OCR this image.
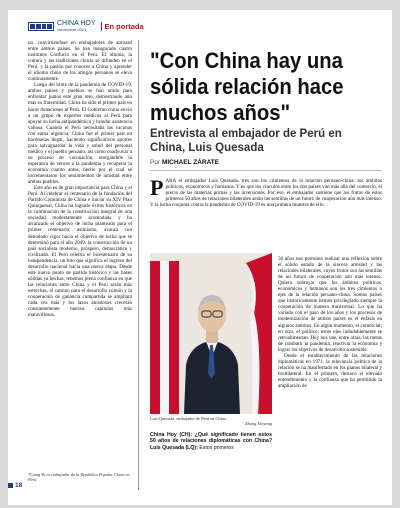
CHINA HOY
Noviembre 2021	En portada

no, convirtiéndose en embajadores de amistad entre ambos países. Se han inaugurado cuatro institutos Confucio en el Perú. El idioma, la cultura y las tradiciones chinas se difunden en el Perú, y la pasión por conocer a China y aprender el idioma chino de los amigos peruanos se eleva continuamente.

Luego del brote de la pandemia de COVID-19, ambos países y pueblos se han unido para enfrentar juntos este gran reto, demostrando aún más su fraternidad. China ha sido el primer país en hacer donaciones al Perú. El Gobierno chino envió a un grupo de expertos médicos al Perú para apoyar su lucha antipandémica y brindar asistencia valiosa. Cuando el Perú necesitaba las vacunas con suma urgencia, China fue el primer país en hacérselas llegar, haciendo significativos aportes para salvaguardar la vida y salud del personal médico y el pueblo peruano, así como coadyuvar a su proceso de vacunación, otorgándole la esperanza de vencer a la pandemia y recuperar la economía cuanto antes, hecho por el cual se incrementaron los sentimientos de amistad entre ambos pueblos.

Este año es de gran importancia para China y el Perú. Al celebrar el centenario de la fundación del Partido Comunista de China e iniciar su XIV Plan Quinquenal, China ha logrado éxitos históricos en la culminación de la construcción integral de una sociedad modestamente acomodada y ha alcanzado el objetivo de lucha planteado para el primer centenario; asimismo, avanza con denodado vigor hacia el objetivo de lucha que se determinó para el año 2049: la construcción de un país socialista moderno, próspero, democrático y civilizado. El Perú celebra el bicentenario de su independencia, un hito que significa el ingreso del desarrollo nacional hacia una nueva etapa. Desde este nuevo punto de partida histórico y las bases sólidas ya hechas, tenemos plena confianza en que las relaciones entre China y el Perú serán más estrechas, el camino para el desarrollo común y la cooperación de ganancia compartida se ampliará cada vez más y los lazos amistosos crecerán constantemente nuevos capítulos más maravillosos.

*Liang Yu es embajador de la República Popular China en Perú.
"Con China hay una sólida relación hace muchos años"
Entrevista al embajador de Perú en China, Luis Quesada
Por MICHAEL ZÁRATE

P ARA el embajador Luis Quesada, tres son los cimientos de la relación peruano-china: los ámbitos políticos, económicos y humanos. Y es que los vínculos entre los dos países van más allá del comercio, el precio de las materias primas y las inversiones. Por eso, el embajador sostiene que los frutos de estos primeros 50 años de relaciones bilaterales serán las semillas de un futuro de cooperación aún más intenso. Y la lucha conjunta contra la pandemia de COVID-19 es una primera muestra de ello.

Luis Quesada, embajador de Perú en China.
Zhang Xinyang
China Hoy (CH): ¿Qué significado tienen estos 50 años de relaciones diplomáticas con China? Luis Quesada (LQ): Estos primeros

50 años nos permiten realizar una reflexión sobre el sólido estado de la sincera amistad y las relaciones bilaterales, cuyos frutos son las semillas de un futuro de cooperación aún más intenso. Quiero subrayar que los ámbitos políticos, económicos y humanos son los tres cimientos o ejes de la relación peruano-china. Somos países que históricamente hemos privilegiado siempre la cooperación de manera transversal. Lo que ha variado con el paso de los años y los procesos de modernización de ambos países es el énfasis en algunos ámbitos. En algún momento, el comercial; en otro, el político; estos ejes indudablemente se retroalimentan. Hoy nos une, entre otras, las metas de combatir la pandemia, reactivar la economía y lograr los objetivos de desarrollo sostenible.

Desde el establecimiento de las relaciones diplomáticas en 1971, la relevancia política de la relación se ha manifestado en los planos bilateral y multilateral. En el primero, destaco el elevado entendimiento y la confianza que ha permitido la ampliación de

18
